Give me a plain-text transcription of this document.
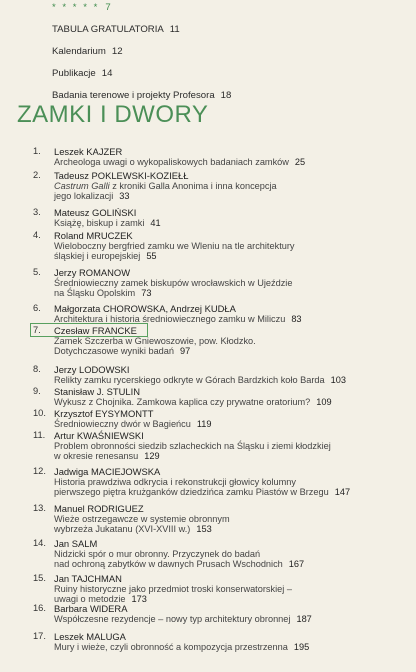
* * * * * 7
TABULA GRATULATORIA 11
Kalendarium 12
Publikacje 14
Badania terenowe i projekty Profesora 18
ZAMKI I DWORY
1. Leszek KAJZER
Archeologa uwagi o wykopaliskowych badaniach zamków 25
2. Tadeusz POKLEWSKI-KOZIEŁŁ
Castrum Galli z kroniki Galla Anonima i inna koncepcja
jego lokalizacji 33
3. Mateusz GOLIŃSKI
Książę, biskup i zamki 41
4. Roland MRUCZEK
Wieloboczny bergfried zamku we Wleniu na tle architektury
śląskiej i europejskiej 55
5. Jerzy ROMANOW
Średniowieczny zamek biskupów wrocławskich w Ujeździe
na Śląsku Opolskim 73
6. Małgorzata CHOROWSKA, Andrzej KUDŁA
Architektura i historia średniowiecznego zamku w Miliczu 83
7. Czesław FRANCKE
Zamek Szczerba w Gniewoszowie, pow. Kłodzko.
Dotychczasowe wyniki badań 97
8. Jerzy LODOWSKI
Relikty zamku rycerskiego odkryte w Górach Bardzkich koło Barda 103
9. Stanisław J. STULIN
Wykusz z Chojnika. Zamkowa kaplica czy prywatne oratorium? 109
10. Krzysztof EYSYMONTT
Średniowieczny dwór w Bagieńcu 119
11. Artur KWAŚNIEWSKI
Problem obronności siedzib szlacheckich na Śląsku i ziemi kłodzkiej
w okresie renesansu 129
12. Jadwiga MACIEJOWSKA
Historia prawdziwa odkrycia i rekonstrukcji głowicy kolumny
pierwszego piętra krużganków dziedzińca zamku Piastów w Brzegu 147
13. Manuel RODRIGUEZ
Wieże ostrzegawcze w systemie obronnym
wybrzeża Jukatanu (XVI-XVIII w.) 153
14. Jan SALM
Nidzicki spór o mur obronny. Przyczynek do badań
nad ochroną zabytków w dawnych Prusach Wschodnich 167
15. Jan TAJCHMAN
Ruiny historyczne jako przedmiot troski konserwatorskiej –
uwagi o metodzie 173
16. Barbara WIDERA
Współczesne rezydencje – nowy typ architektury obronnej 187
17. Leszek MALUGA
Mury i wieże, czyli obronność a kompozycja przestrzenna 195
